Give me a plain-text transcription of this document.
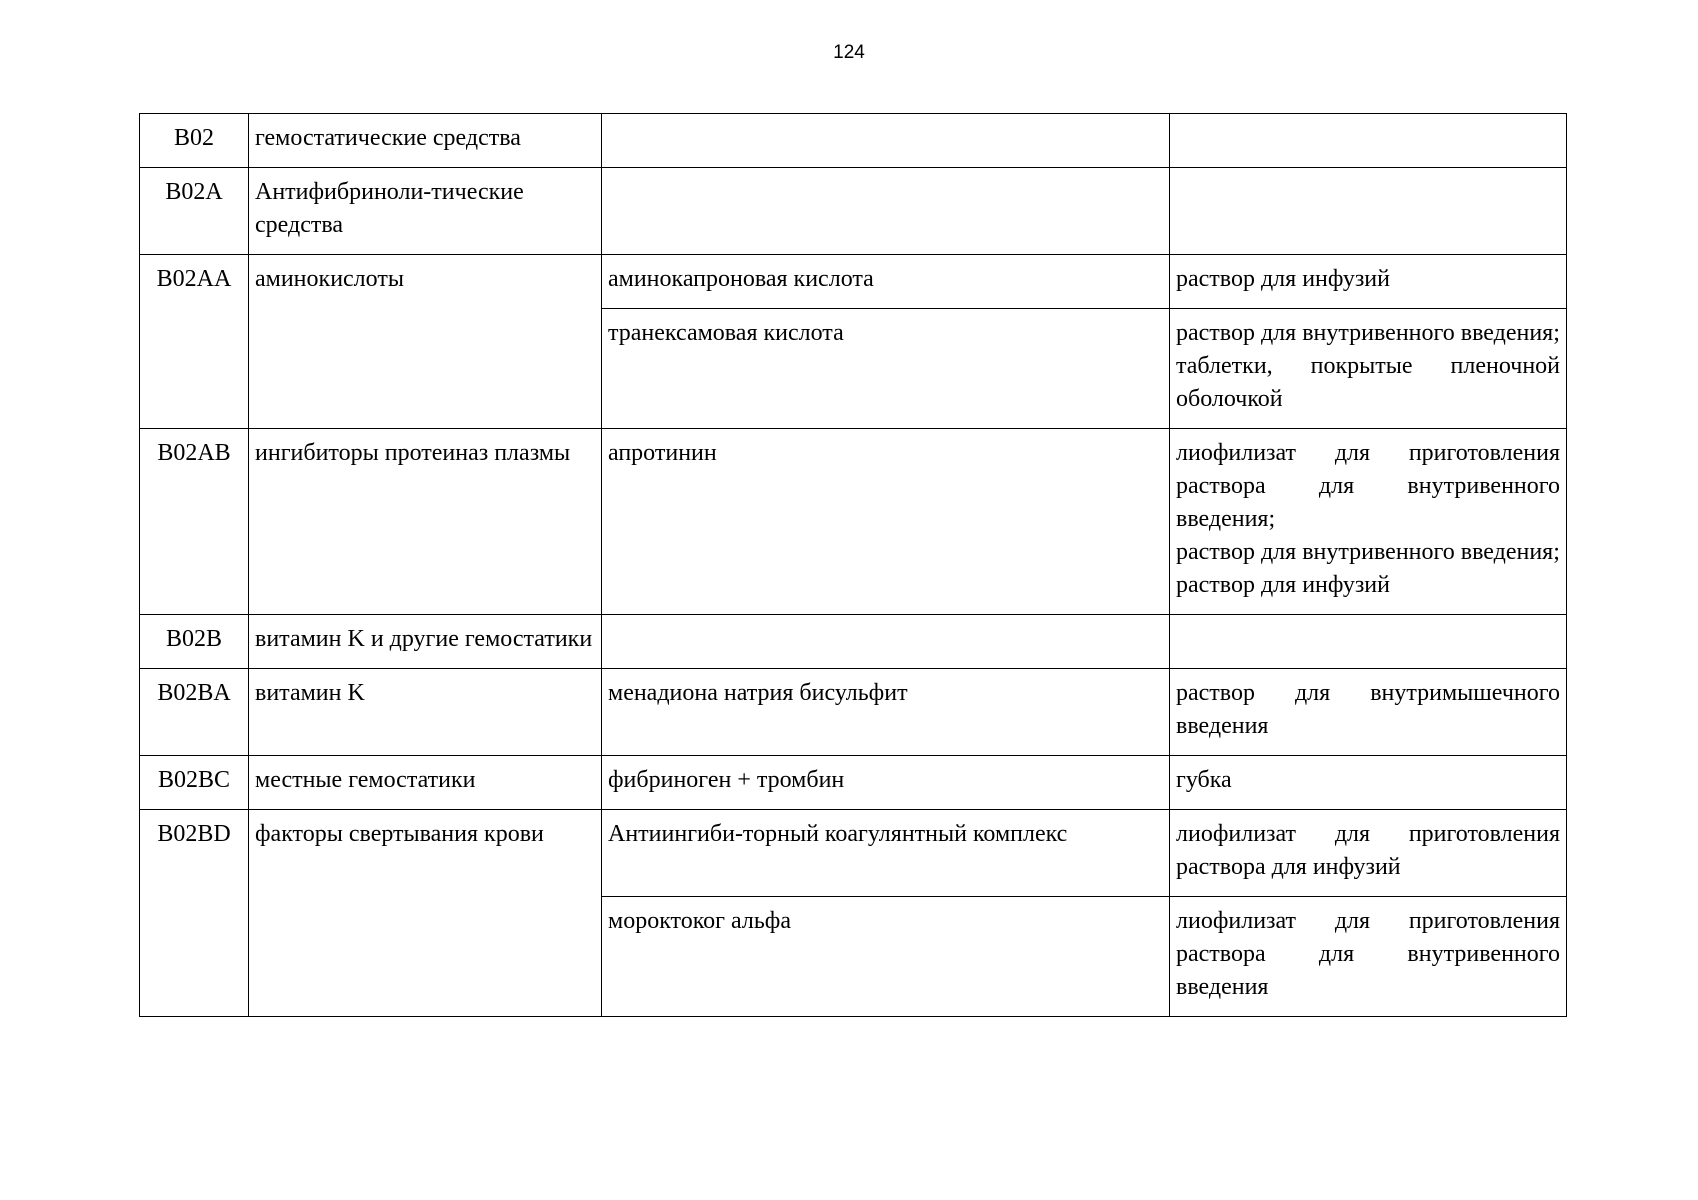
124
B02	гемостатические средства		
B02A	Антифибриноли-тические средства		
B02AA	аминокислоты	аминокапроновая кислота	раствор для инфузий

		транексамовая кислота	раствор для внутривенного введения;
таблетки, покрытые пленочной оболочкой

B02AB	ингибиторы протеиназ плазмы	апротинин	лиофилизат для приготовления раствора для внутривенного введения;
раствор для внутривенного введения;
раствор для инфузий

B02B	витамин K и другие гемостатики		
B02BA	витамин K	менадиона натрия бисульфит	раствор для внутримышечного введения

B02BC	местные гемостатики	фибриноген + тромбин	губка

B02BD	факторы свертывания крови	Антиингиби-торный коагулянтный комплекс	лиофилизат для приготовления раствора для инфузий

		мороктоког альфа	лиофилизат для приготовления раствора для внутривенного введения
